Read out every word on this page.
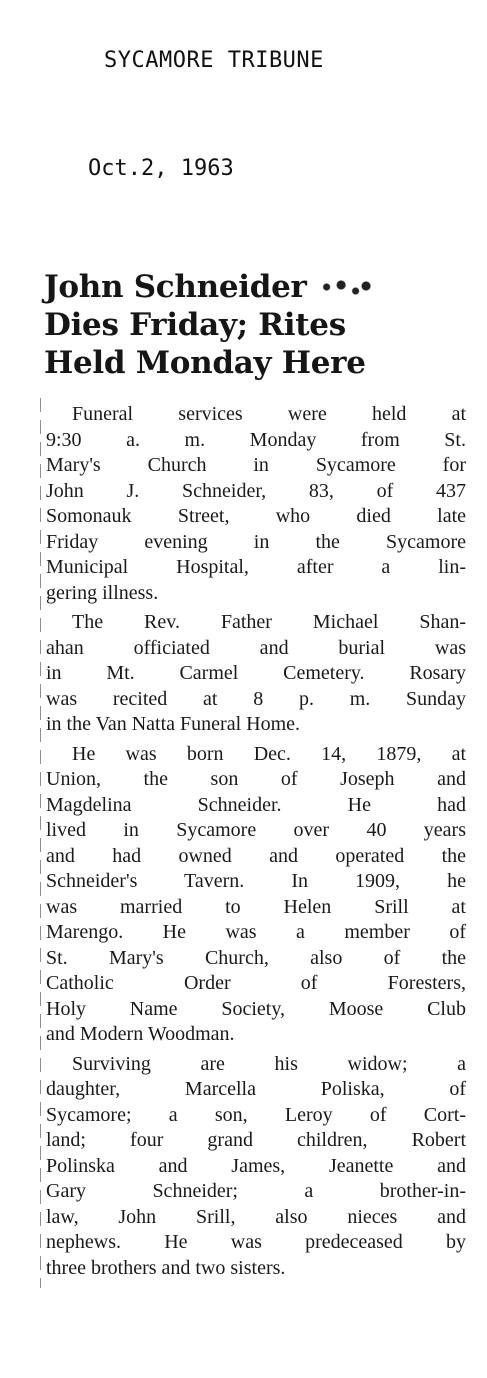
SYCAMORE TRIBUNE
Oct.2, 1963
John Schneider
Dies Friday; Rites
Held Monday Here
Funeral services were held at
9:30 a. m. Monday from St.
Mary's Church in Sycamore for
John J. Schneider, 83, of 437
Somonauk Street, who died late
Friday evening in the Sycamore
Municipal Hospital, after a lin-
gering illness.
The Rev. Father Michael Shan-
ahan officiated and burial was
in Mt. Carmel Cemetery. Rosary
was recited at 8 p. m. Sunday
in the Van Natta Funeral Home.
He was born Dec. 14, 1879, at
Union, the son of Joseph and
Magdelina Schneider. He had
lived in Sycamore over 40 years
and had owned and operated the
Schneider's Tavern. In 1909, he
was married to Helen Srill at
Marengo. He was a member of
St. Mary's Church, also of the
Catholic Order of Foresters,
Holy Name Society, Moose Club
and Modern Woodman.
Surviving are his widow; a
daughter, Marcella Poliska, of
Sycamore; a son, Leroy of Cort-
land; four grand children, Robert
Polinska and James, Jeanette and
Gary Schneider; a brother-in-
law, John Srill, also nieces and
nephews. He was predeceased by
three brothers and two sisters.
